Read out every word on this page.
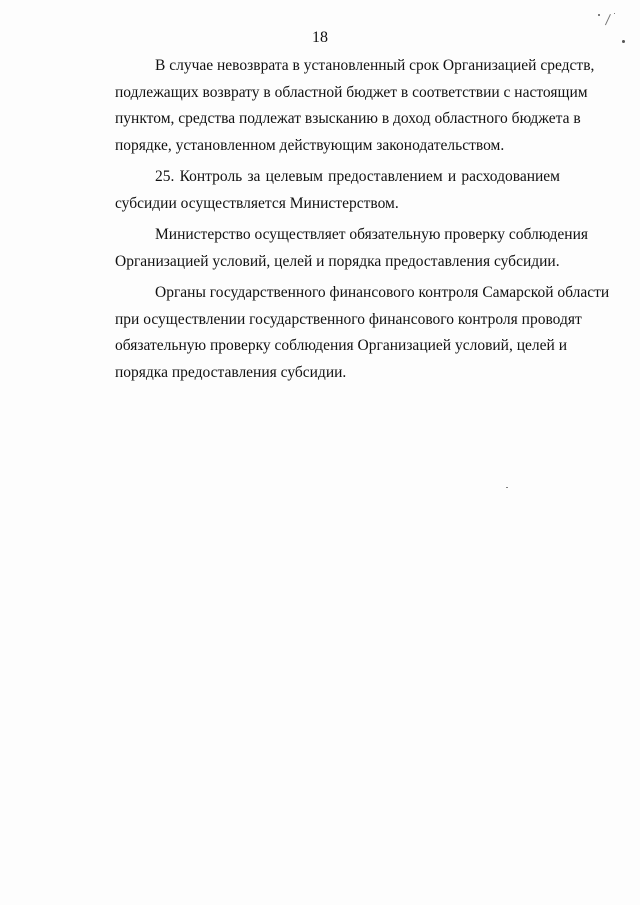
18
В случае невозврата в установленный срок Организацией средств,
подлежащих возврату в областной бюджет в соответствии с настоящим
пунктом, средства подлежат взысканию в доход областного бюджета в
порядке, установленном действующим законодательством.
25. Контроль за целевым предоставлением и расходованием
субсидии осуществляется Министерством.
Министерство осуществляет обязательную проверку соблюдения
Организацией условий, целей и порядка предоставления субсидии.
Органы государственного финансового контроля Самарской области
при осуществлении государственного финансового контроля проводят
обязательную проверку соблюдения Организацией условий, целей и
порядка предоставления субсидии.
